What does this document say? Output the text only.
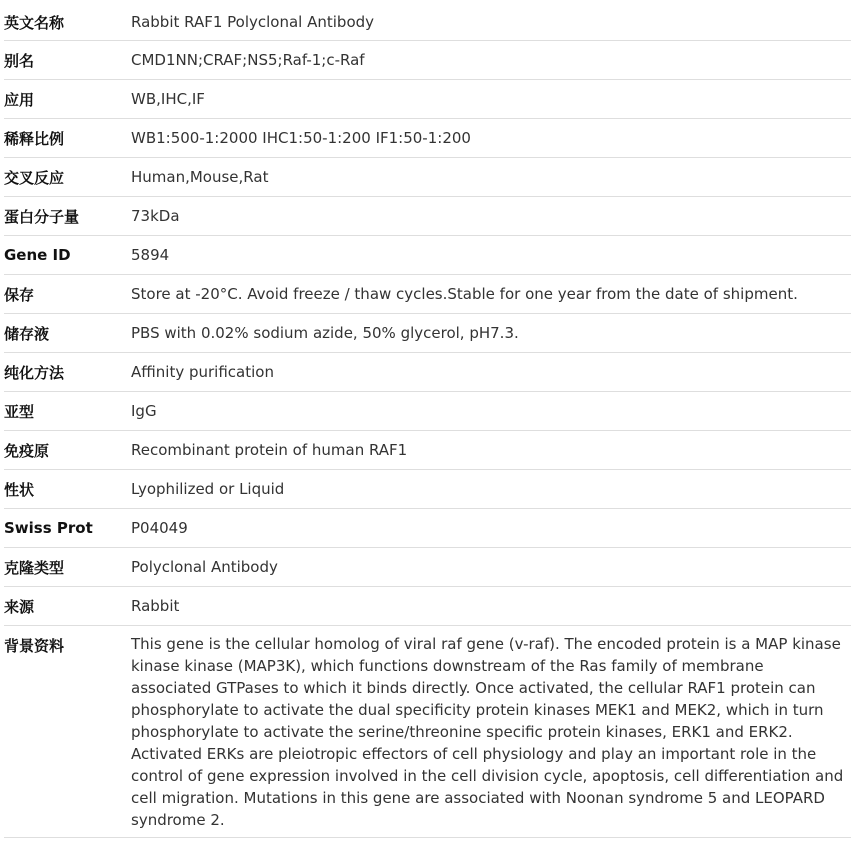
英文名称	Rabbit RAF1 Polyclonal Antibody
别名	CMD1NN;CRAF;NS5;Raf-1;c-Raf
应用	WB,IHC,IF
稀释比例	WB1:500-1:2000 IHC1:50-1:200 IF1:50-1:200
交叉反应	Human,Mouse,Rat
蛋白分子量	73kDa
Gene ID	5894
保存	Store at -20°C. Avoid freeze / thaw cycles.Stable for one year from the date of shipment.
储存液	PBS with 0.02% sodium azide, 50% glycerol, pH7.3.
纯化方法	Affinity purification
亚型	IgG
免疫原	Recombinant protein of human RAF1
性状	Lyophilized or Liquid
Swiss Prot	P04049
克隆类型	Polyclonal Antibody
来源	Rabbit
背景资料	This gene is the cellular homolog of viral raf gene (v-raf). The encoded protein is a MAP kinase kinase kinase (MAP3K), which functions downstream of the Ras family of membrane associated GTPases to which it binds directly. Once activated, the cellular RAF1 protein can phosphorylate to activate the dual specificity protein kinases MEK1 and MEK2, which in turn phosphorylate to activate the serine/threonine specific protein kinases, ERK1 and ERK2. Activated ERKs are pleiotropic effectors of cell physiology and play an important role in the control of gene expression involved in the cell division cycle, apoptosis, cell differentiation and cell migration. Mutations in this gene are associated with Noonan syndrome 5 and LEOPARD syndrome 2.
